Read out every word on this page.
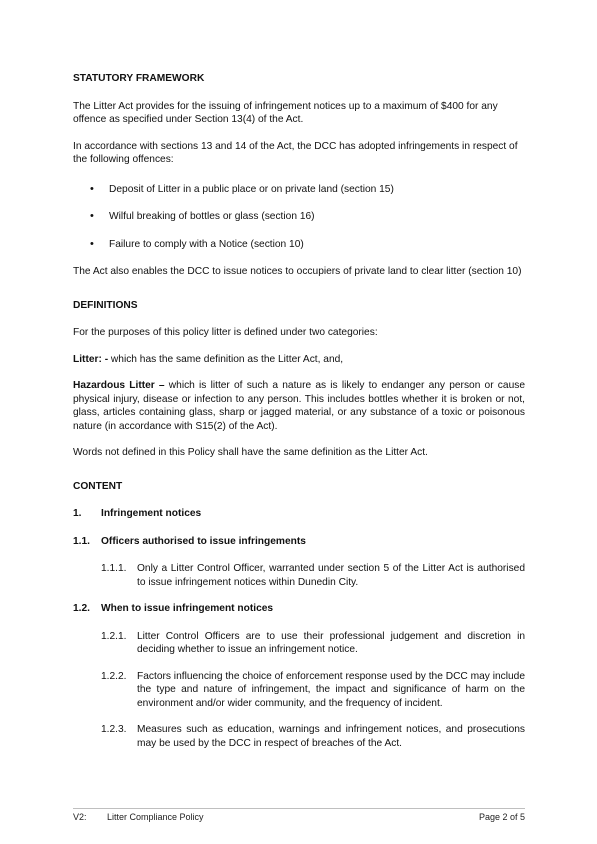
STATUTORY FRAMEWORK

The Litter Act provides for the issuing of infringement notices up to a maximum of $400 for any offence as specified under Section 13(4) of the Act.

In accordance with sections 13 and 14 of the Act, the DCC has adopted infringements in respect of the following offences:

• Deposit of Litter in a public place or on private land (section 15)
• Wilful breaking of bottles or glass (section 16)
• Failure to comply with a Notice (section 10)

The Act also enables the DCC to issue notices to occupiers of private land to clear litter (section 10)

DEFINITIONS

For the purposes of this policy litter is defined under two categories:

Litter: - which has the same definition as the Litter Act, and,

Hazardous Litter – which is litter of such a nature as is likely to endanger any person or cause physical injury, disease or infection to any person. This includes bottles whether it is broken or not, glass, articles containing glass, sharp or jagged material, or any substance of a toxic or poisonous nature (in accordance with S15(2) of the Act).

Words not defined in this Policy shall have the same definition as the Litter Act.

CONTENT

1.	Infringement notices
1.1.	Officers authorised to issue infringements
1.1.1.	Only a Litter Control Officer, warranted under section 5 of the Litter Act is authorised to issue infringement notices within Dunedin City.
1.2.	When to issue infringement notices
1.2.1.	Litter Control Officers are to use their professional judgement and discretion in deciding whether to issue an infringement notice.
1.2.2.	Factors influencing the choice of enforcement response used by the DCC may include the type and nature of infringement, the impact and significance of harm on the environment and/or wider community, and the frequency of incident.
1.2.3.	Measures such as education, warnings and infringement notices, and prosecutions may be used by the DCC in respect of breaches of the Act.
V2:	Litter Compliance Policy	Page 2 of 5
